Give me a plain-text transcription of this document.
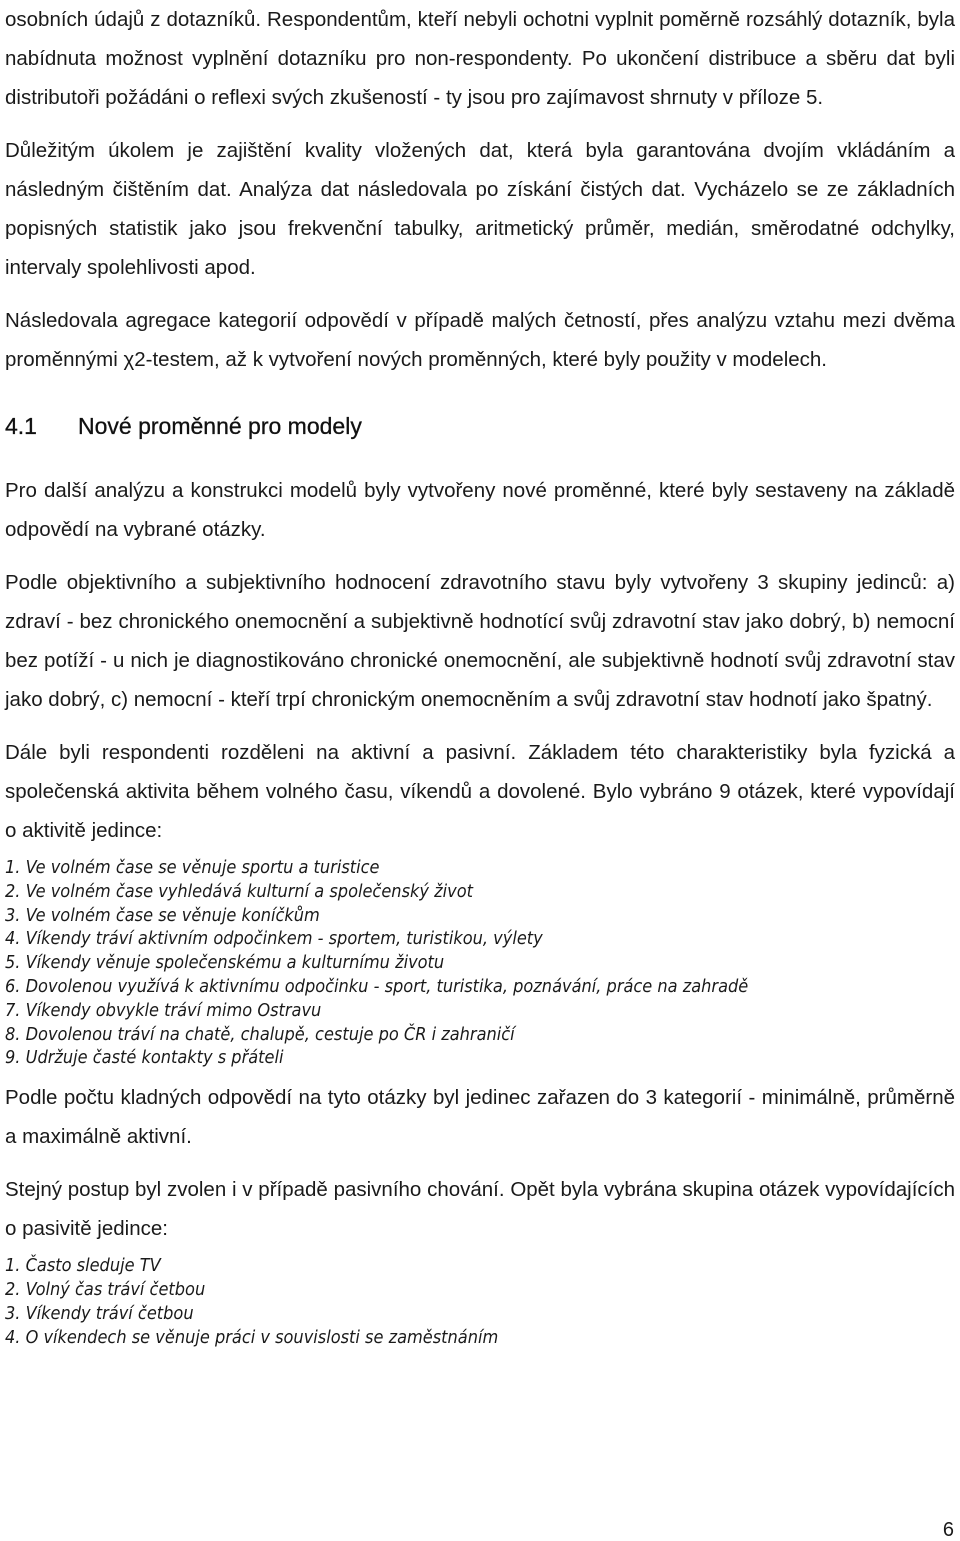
osobních údajů z dotazníků. Respondentům, kteří nebyli ochotni vyplnit poměrně rozsáhlý dotazník, byla nabídnuta možnost vyplnění dotazníku pro non-respondenty. Po ukončení distribuce a sběru dat byli distributoři požádáni o reflexi svých zkušeností - ty jsou pro zajímavost shrnuty v příloze 5.

Důležitým úkolem je zajištění kvality vložených dat, která byla garantována dvojím vkládáním a následným čištěním dat. Analýza dat následovala po získání čistých dat. Vycházelo se ze základních popisných statistik jako jsou frekvenční tabulky, aritmetický průměr, medián, směrodatné odchylky, intervaly spolehlivosti apod.

Následovala agregace kategorií odpovědí v případě malých četností, přes analýzu vztahu mezi dvěma proměnnými χ2-testem, až k vytvoření nových proměnných, které byly použity v modelech.

4.1	Nové proměnné pro modely

Pro další analýzu a konstrukci modelů byly vytvořeny nové proměnné, které byly sestaveny na základě odpovědí na vybrané otázky.

Podle objektivního a subjektivního hodnocení zdravotního stavu byly vytvořeny 3 skupiny jedinců: a) zdraví - bez chronického onemocnění a subjektivně hodnotící svůj zdravotní stav jako dobrý, b) nemocní bez potíží - u nich je diagnostikováno chronické onemocnění, ale subjektivně hodnotí svůj zdravotní stav jako dobrý, c) nemocní - kteří trpí chronickým onemocněním a svůj zdravotní stav hodnotí jako špatný.

Dále byli respondenti rozděleni na aktivní a pasivní. Základem této charakteristiky byla fyzická a společenská aktivita během volného času, víkendů a dovolené. Bylo vybráno 9 otázek, které vypovídají o aktivitě jedince:

1. Ve volném čase se věnuje sportu a turistice
2. Ve volném čase vyhledává kulturní a společenský život
3. Ve volném čase se věnuje koníčkům
4. Víkendy tráví aktivním odpočinkem - sportem, turistikou, výlety
5. Víkendy věnuje společenskému a kulturnímu životu
6. Dovolenou využívá k aktivnímu odpočinku - sport, turistika, poznávání, práce na zahradě
7. Víkendy obvykle tráví mimo Ostravu
8. Dovolenou tráví na chatě, chalupě, cestuje po ČR i zahraničí
9. Udržuje časté kontakty s přáteli

Podle počtu kladných odpovědí na tyto otázky byl jedinec zařazen do 3 kategorií - minimálně, průměrně a maximálně aktivní.

Stejný postup byl zvolen i v případě pasivního chování. Opět byla vybrána skupina otázek vypovídajících o pasivitě jedince:

1. Často sleduje TV
2. Volný čas tráví četbou
3. Víkendy tráví četbou
4. O víkendech se věnuje práci v souvislosti se zaměstnáním
6
